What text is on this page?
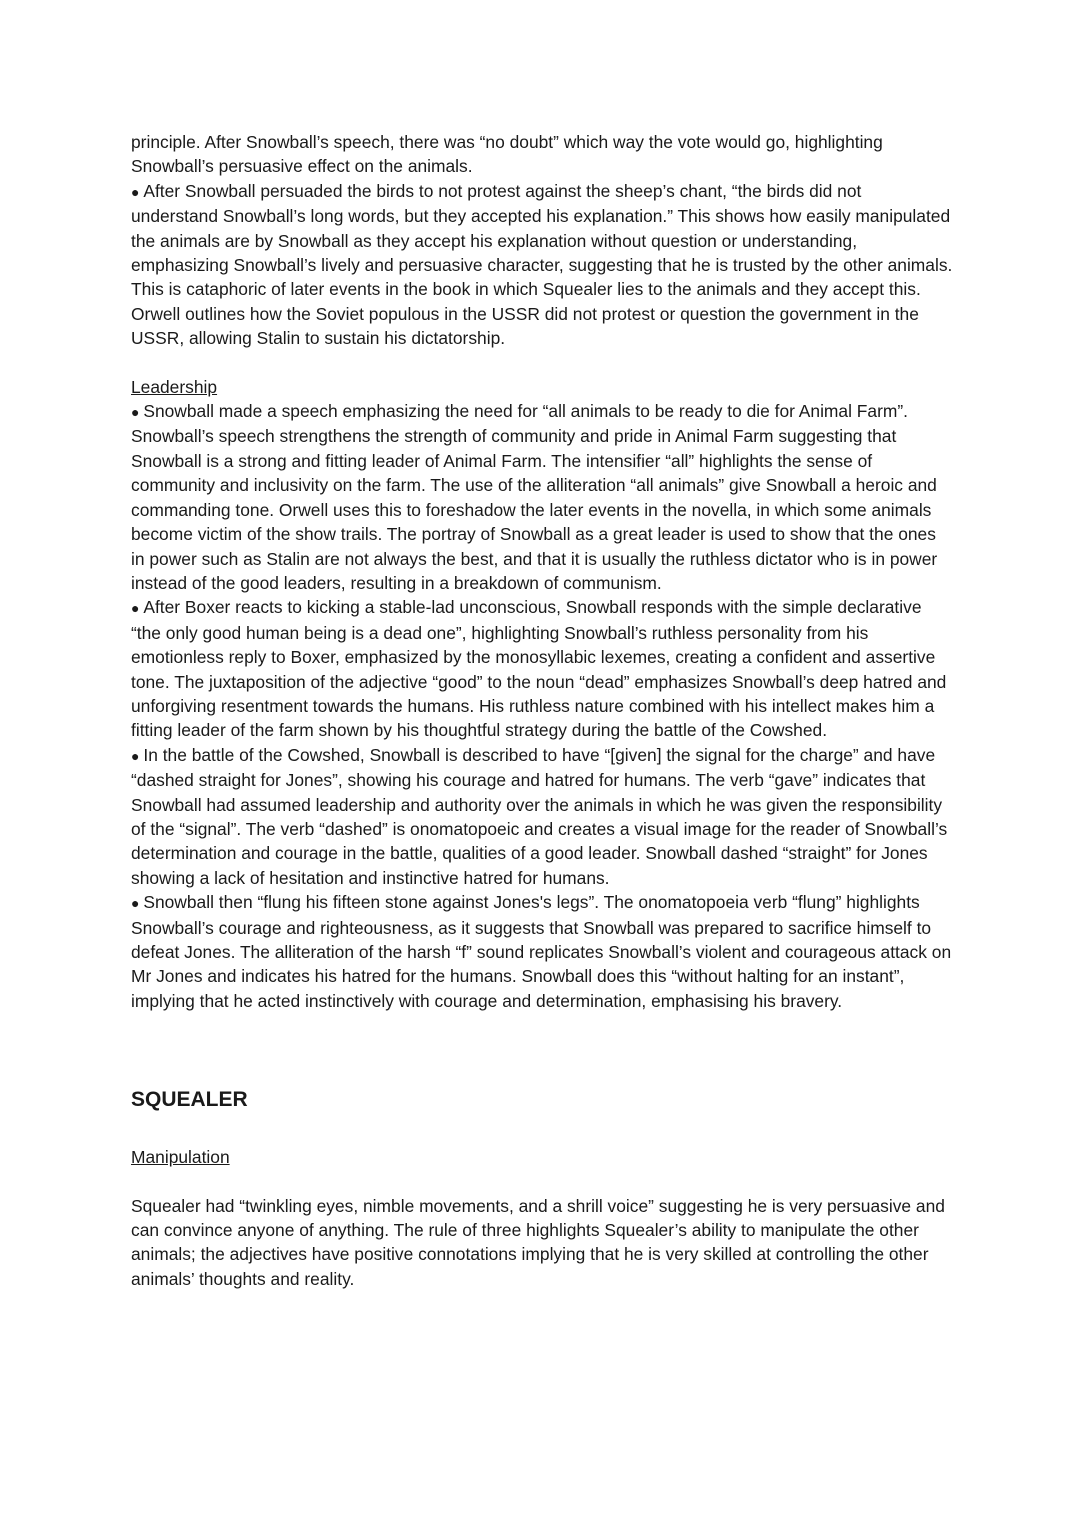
principle. After Snowball’s speech, there was “no doubt” which way the vote would go, highlighting Snowball’s persuasive effect on the animals.

● After Snowball persuaded the birds to not protest against the sheep’s chant, “the birds did not understand Snowball’s long words, but they accepted his explanation.” This shows how easily manipulated the animals are by Snowball as they accept his explanation without question or understanding, emphasizing Snowball’s lively and persuasive character, suggesting that he is trusted by the other animals. This is cataphoric of later events in the book in which Squealer lies to the animals and they accept this. Orwell outlines how the Soviet populous in the USSR did not protest or question the government in the USSR, allowing Stalin to sustain his dictatorship.

Leadership

● Snowball made a speech emphasizing the need for “all animals to be ready to die for Animal Farm”. Snowball’s speech strengthens the strength of community and pride in Animal Farm suggesting that Snowball is a strong and fitting leader of Animal Farm. The intensifier “all” highlights the sense of community and inclusivity on the farm. The use of the alliteration “all animals” give Snowball a heroic and commanding tone. Orwell uses this to foreshadow the later events in the novella, in which some animals become victim of the show trails. The portray of Snowball as a great leader is used to show that the ones in power such as Stalin are not always the best, and that it is usually the ruthless dictator who is in power instead of the good leaders, resulting in a breakdown of communism.

● After Boxer reacts to kicking a stable-lad unconscious, Snowball responds with the simple declarative “the only good human being is a dead one”, highlighting Snowball’s ruthless personality from his emotionless reply to Boxer, emphasized by the monosyllabic lexemes, creating a confident and assertive tone. The juxtaposition of the adjective “good” to the noun “dead” emphasizes Snowball’s deep hatred and unforgiving resentment towards the humans. His ruthless nature combined with his intellect makes him a fitting leader of the farm shown by his thoughtful strategy during the battle of the Cowshed.

● In the battle of the Cowshed, Snowball is described to have “[given] the signal for the charge” and have “dashed straight for Jones”, showing his courage and hatred for humans. The verb “gave” indicates that Snowball had assumed leadership and authority over the animals in which he was given the responsibility of the “signal”. The verb “dashed” is onomatopoeic and creates a visual image for the reader of Snowball’s determination and courage in the battle, qualities of a good leader. Snowball dashed “straight” for Jones showing a lack of hesitation and instinctive hatred for humans.

● Snowball then “flung his fifteen stone against Jones's legs”. The onomatopoeia verb “flung” highlights Snowball’s courage and righteousness, as it suggests that Snowball was prepared to sacrifice himself to defeat Jones. The alliteration of the harsh “f” sound replicates Snowball’s violent and courageous attack on Mr Jones and indicates his hatred for the humans. Snowball does this “without halting for an instant”, implying that he acted instinctively with courage and determination, emphasising his bravery.

SQUEALER

Manipulation

Squealer had “twinkling eyes, nimble movements, and a shrill voice” suggesting he is very persuasive and can convince anyone of anything. The rule of three highlights Squealer’s ability to manipulate the other animals; the adjectives have positive connotations implying that he is very skilled at controlling the other animals’ thoughts and reality.
